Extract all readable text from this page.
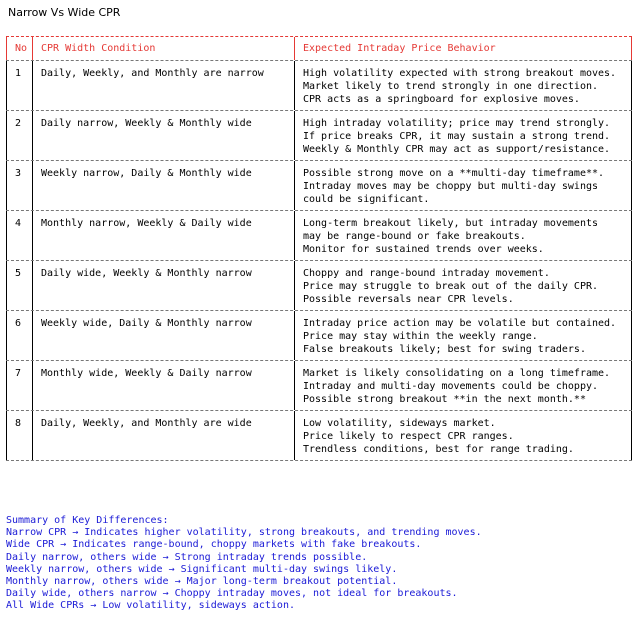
Narrow Vs Wide CPR
No	CPR Width Condition	Expected Intraday Price Behavior
1	Daily, Weekly, and Monthly are narrow	High volatility expected with strong breakout moves.
Market likely to trend strongly in one direction.
CPR acts as a springboard for explosive moves.
2	Daily narrow, Weekly & Monthly wide	High intraday volatility; price may trend strongly.
If price breaks CPR, it may sustain a strong trend.
Weekly & Monthly CPR may act as support/resistance.
3	Weekly narrow, Daily & Monthly wide	Possible strong move on a **multi-day timeframe**.
Intraday moves may be choppy but multi-day swings
could be significant.
4	Monthly narrow, Weekly & Daily wide	Long-term breakout likely, but intraday movements
may be range-bound or fake breakouts.
Monitor for sustained trends over weeks.
5	Daily wide, Weekly & Monthly narrow	Choppy and range-bound intraday movement.
Price may struggle to break out of the daily CPR.
Possible reversals near CPR levels.
6	Weekly wide, Daily & Monthly narrow	Intraday price action may be volatile but contained.
Price may stay within the weekly range.
False breakouts likely; best for swing traders.
7	Monthly wide, Weekly & Daily narrow	Market is likely consolidating on a long timeframe.
Intraday and multi-day movements could be choppy.
Possible strong breakout **in the next month.**
8	Daily, Weekly, and Monthly are wide	Low volatility, sideways market.
Price likely to respect CPR ranges.
Trendless conditions, best for range trading.
Summary of Key Differences:
Narrow CPR → Indicates higher volatility, strong breakouts, and trending moves.
Wide CPR → Indicates range-bound, choppy markets with fake breakouts.
Daily narrow, others wide → Strong intraday trends possible.
Weekly narrow, others wide → Significant multi-day swings likely.
Monthly narrow, others wide → Major long-term breakout potential.
Daily wide, others narrow → Choppy intraday moves, not ideal for breakouts.
All Wide CPRs → Low volatility, sideways action.
